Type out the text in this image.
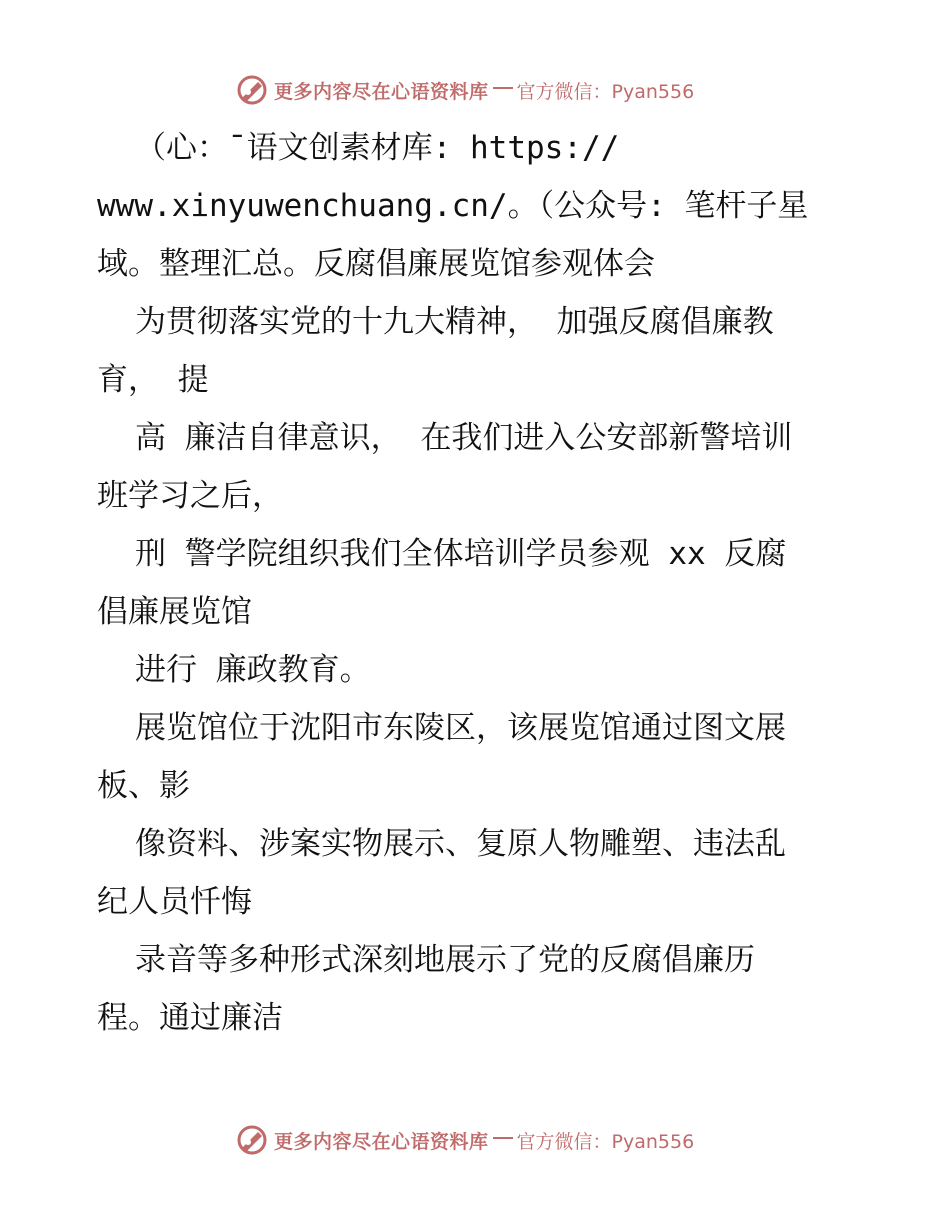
更多内容尽在心语资料库 官方微信：Pyan556
（心：¯语文创素材库: https://
www.xinyuwenchuang.cn/。（公众号: 笔杆子星
域。整理汇总。反腐倡廉展览馆参观体会
为贯彻落实党的十九大精神， 加强反腐倡廉教
育， 提
高 廉洁自律意识， 在我们进入公安部新警培训
班学习之后，
刑 警学院组织我们全体培训学员参观 xx 反腐
倡廉展览馆
进行 廉政教育。
展览馆位于沈阳市东陵区，该展览馆通过图文展
板、影
像资料、涉案实物展示、复原人物雕塑、违法乱
纪人员忏悔
录音等多种形式深刻地展示了党的反腐倡廉历
程。通过廉洁
更多内容尽在心语资料库 官方微信：Pyan556
